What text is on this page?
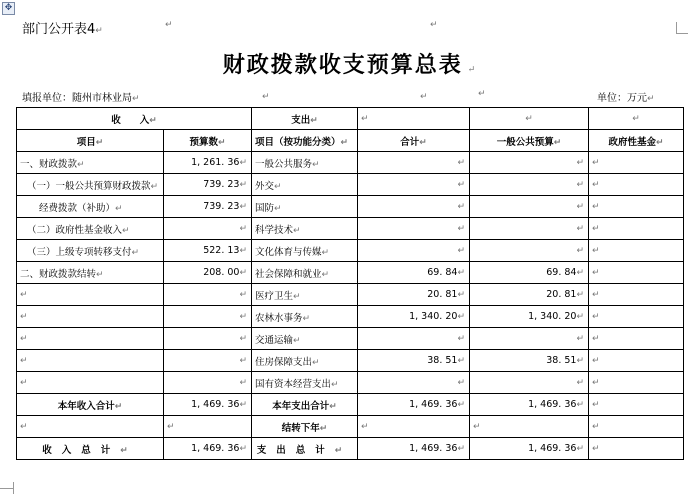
✥
部门公开表4↵
↵	↵
财政拨款收支预算总表 ↵
填报单位：随州市林业局↵	↵	↵	↵	单位：万元↵
收　　入↵		支出↵	↵	↵	↵
项目↵	预算数↵	项目（按功能分类）↵	合计↵	一般公共预算↵	政府性基金↵
一、财政拨款↵	1, 261. 36↵	一般公共服务↵	↵	↵	↵
（一）一般公共预算财政拨款↵	739. 23↵	外交↵	↵	↵	↵
经费拨款（补助）↵	739. 23↵	国防↵	↵	↵	↵
（二）政府性基金收入↵	↵	科学技术↵	↵	↵	↵
（三）上级专项转移支付↵	522. 13↵	文化体育与传媒↵	↵	↵	↵
二、财政拨款结转↵	208. 00↵	社会保障和就业↵	69. 84↵	69. 84↵	↵
↵	↵	医疗卫生↵	20. 81↵	20. 81↵	↵
↵	↵	农林水事务↵	1, 340. 20↵	1, 340. 20↵	↵
↵	↵	交通运输↵	↵	↵	↵
↵	↵	住房保障支出↵	38. 51↵	38. 51↵	↵
↵	↵	国有资本经营支出↵	↵	↵	↵
本年收入合计↵	1, 469. 36↵	本年支出合计↵	1, 469. 36↵	1, 469. 36↵	↵
↵	↵	结转下年↵	↵	↵	↵
收入总计↵	1, 469. 36↵	支出总计↵	1, 469. 36↵	1, 469. 36↵	↵
